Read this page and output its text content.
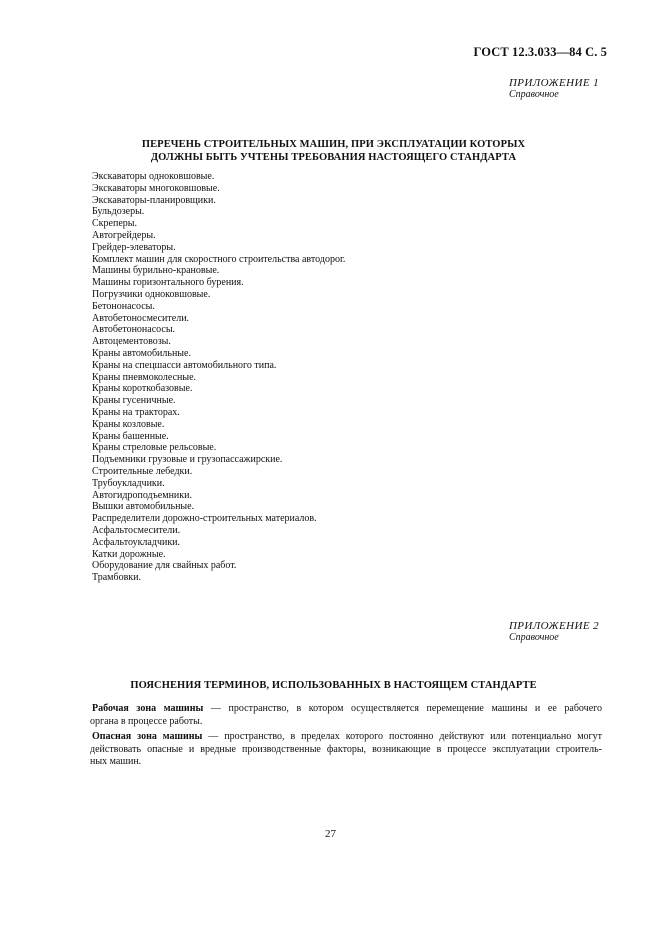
ГОСТ 12.3.033—84 С. 5
ПРИЛОЖЕНИЕ 1
Справочное
ПЕРЕЧЕНЬ СТРОИТЕЛЬНЫХ МАШИН, ПРИ ЭКСПЛУАТАЦИИ КОТОРЫХ
ДОЛЖНЫ БЫТЬ УЧТЕНЫ ТРЕБОВАНИЯ НАСТОЯЩЕГО СТАНДАРТА
Экскаваторы одноковшовые.
Экскаваторы многоковшовые.
Экскаваторы-планировщики.
Бульдозеры.
Скреперы.
Автогрейдеры.
Грейдер-элеваторы.
Комплект машин для скоростного строительства автодорог.
Машины бурильно-крановые.
Машины горизонтального бурения.
Погрузчики одноковшовые.
Бетононасосы.
Автобетоносмесители.
Автобетононасосы.
Автоцементовозы.
Краны автомобильные.
Краны на спецшасси автомобильного типа.
Краны пневмоколесные.
Краны короткобазовые.
Краны гусеничные.
Краны на тракторах.
Краны козловые.
Краны башенные.
Краны стреловые рельсовые.
Подъемники грузовые и грузопассажирские.
Строительные лебедки.
Трубоукладчики.
Автогидроподъемники.
Вышки автомобильные.
Распределители дорожно-строительных материалов.
Асфальтосмесители.
Асфальтоукладчики.
Катки дорожные.
Оборудование для свайных работ.
Трамбовки.
ПРИЛОЖЕНИЕ 2
Справочное
ПОЯСНЕНИЯ ТЕРМИНОВ, ИСПОЛЬЗОВАННЫХ В НАСТОЯЩЕМ СТАНДАРТЕ

Рабочая зона машины — пространство, в котором осуществляется перемещение машины и ее рабочего
органа в процессе работы.

Опасная зона машины — пространство, в пределах которого постоянно действуют или потенциально могут
действовать опасные и вредные производственные факторы, возникающие в процессе эксплуатации строитель-
ных машин.

27
